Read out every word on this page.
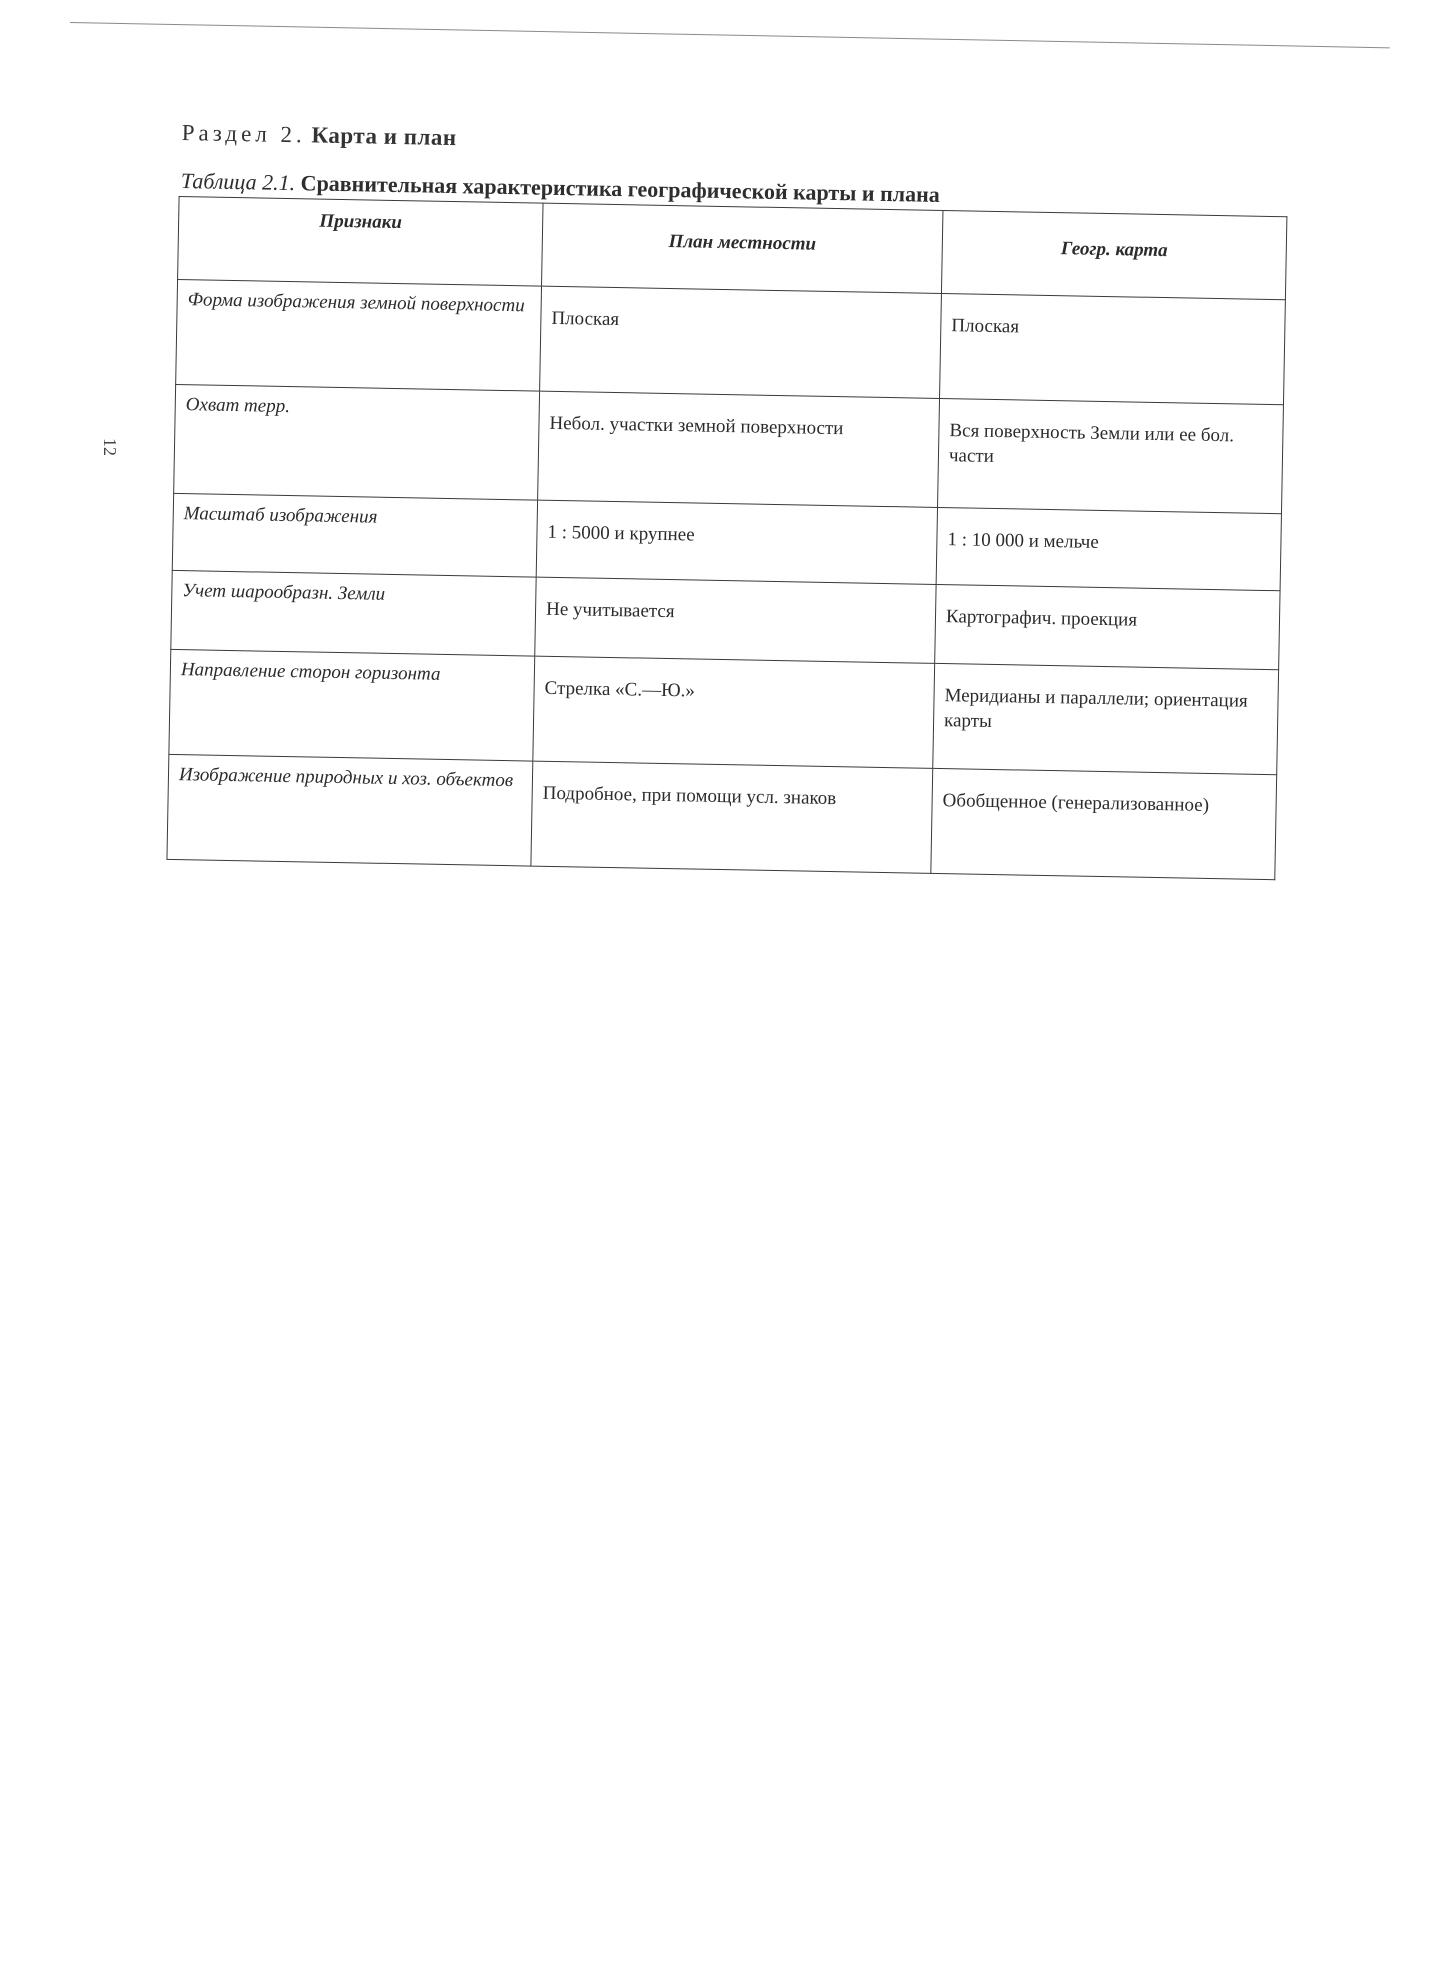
12
Раздел 2. Карта и план
Таблица 2.1. Сравнительная характеристика географической карты и плана
Признаки	План местности	Геогр. карта
Форма изображения земной поверхности	Плоская	Плоская
Охват терр.	Небол. участки земной поверхности	Вся поверхность Земли или ее бол. части
Масштаб изображения	1 : 5000 и крупнее	1 : 10 000 и мельче
Учет шарообразн. Земли	Не учитывается	Картографич. проекция
Направление сторон горизонта	Стрелка «С.—Ю.»	Меридианы и параллели; ориентация карты
Изображение природных и хоз. объектов	Подробное, при помощи усл. знаков	Обобщенное (генерализованное)
